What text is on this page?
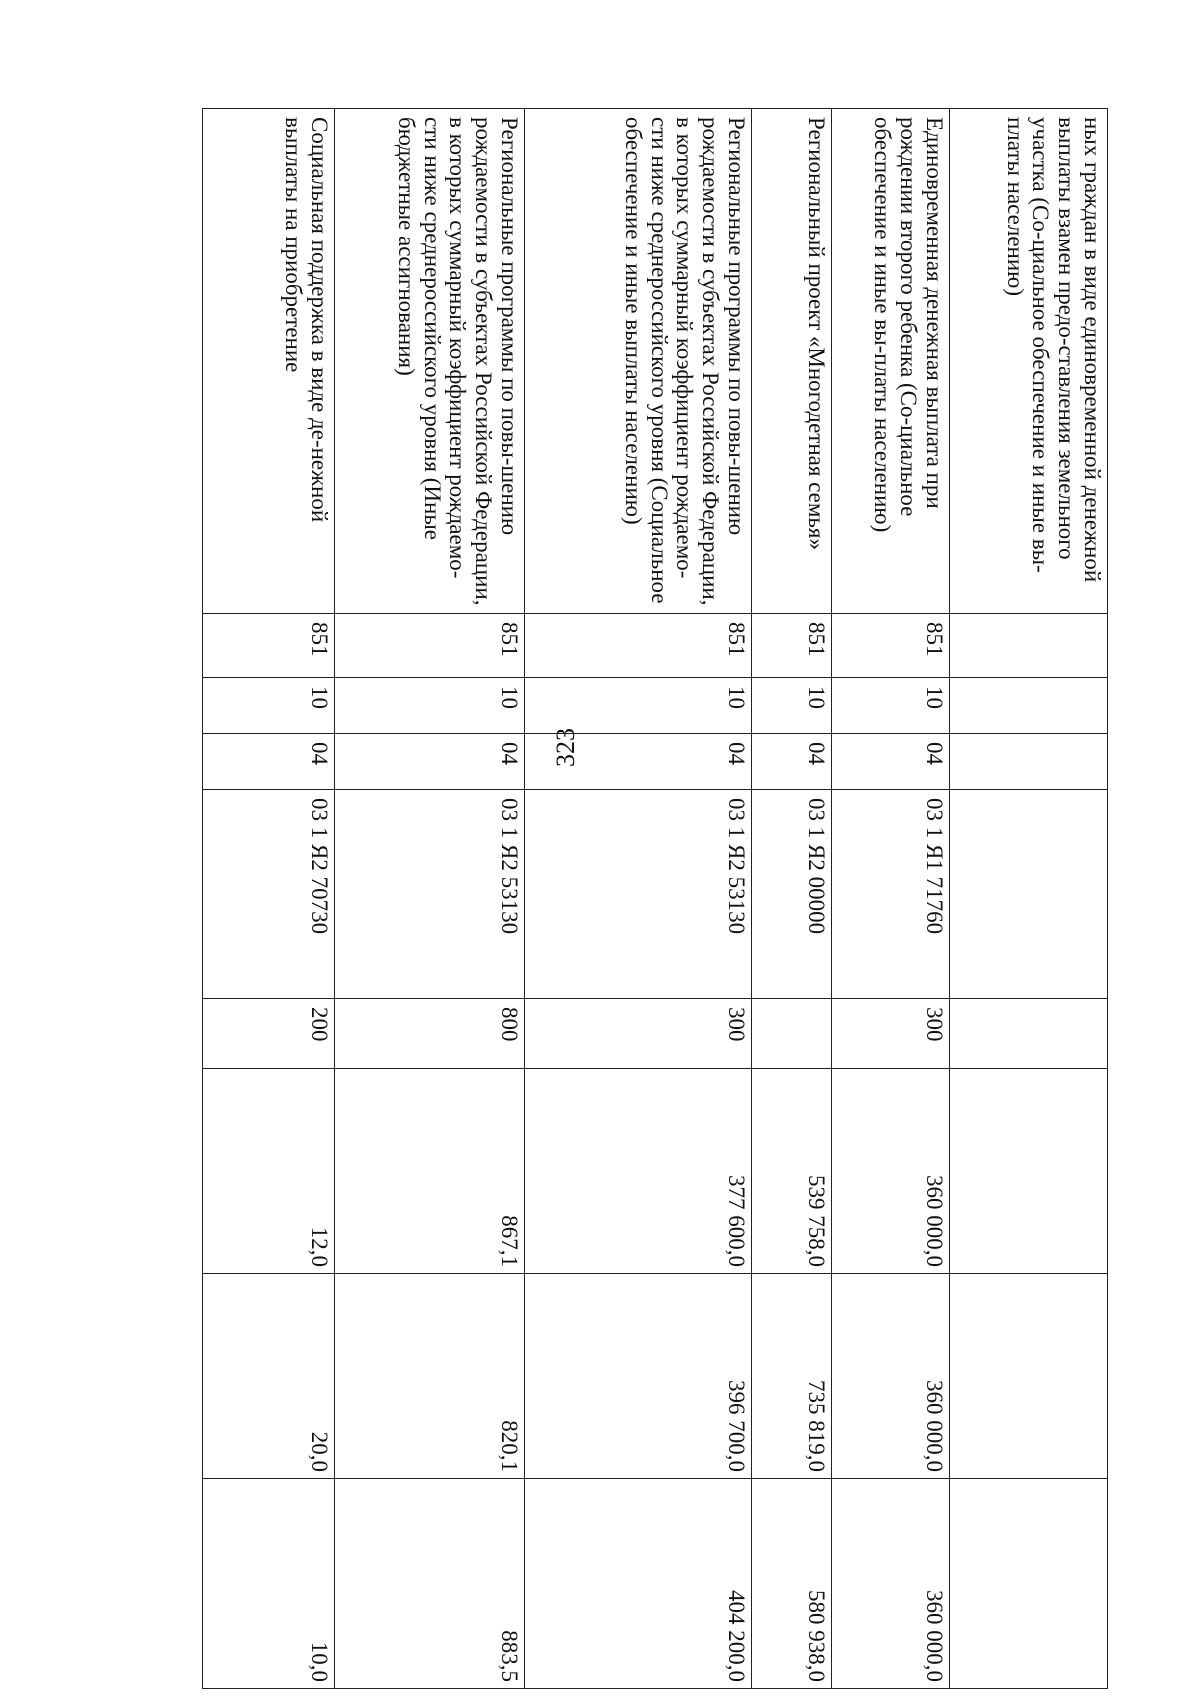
323
ных граждан в виде единовременной денежной выплаты взамен предо-ставления земельного участка (Со-циальное обеспечение и иные вы-платы населению)								
Единовременная денежная выплата при рождении второго ребенка (Со-циальное обеспечение и иные вы-платы населению)	851	10	04	03 1 Я1 71760	300	360 000,0	360 000,0	360 000,0
Региональный проект «Многодетная семья»	851	10	04	03 1 Я2 00000		539 758,0	735 819,0	580 938,0
Региональные программы по повы-шению рождаемости в субъектах Российской Федерации, в которых суммарный коэффициент рождаемо-сти ниже среднероссийского уровня (Социальное обеспечение и иные выплаты населению)	851	10	04	03 1 Я2 53130	300	377 600,0	396 700,0	404 200,0
Региональные программы по повы-шению рождаемости в субъектах Российской Федерации, в которых суммарный коэффициент рождаемо-сти ниже среднероссийского уровня (Иные бюджетные ассигнования)	851	10	04	03 1 Я2 53130	800	867,1	820,1	883,5
Социальная поддержка в виде де-нежной выплаты на приобретение	851	10	04	03 1 Я2 70730	200	12,0	20,0	10,0
